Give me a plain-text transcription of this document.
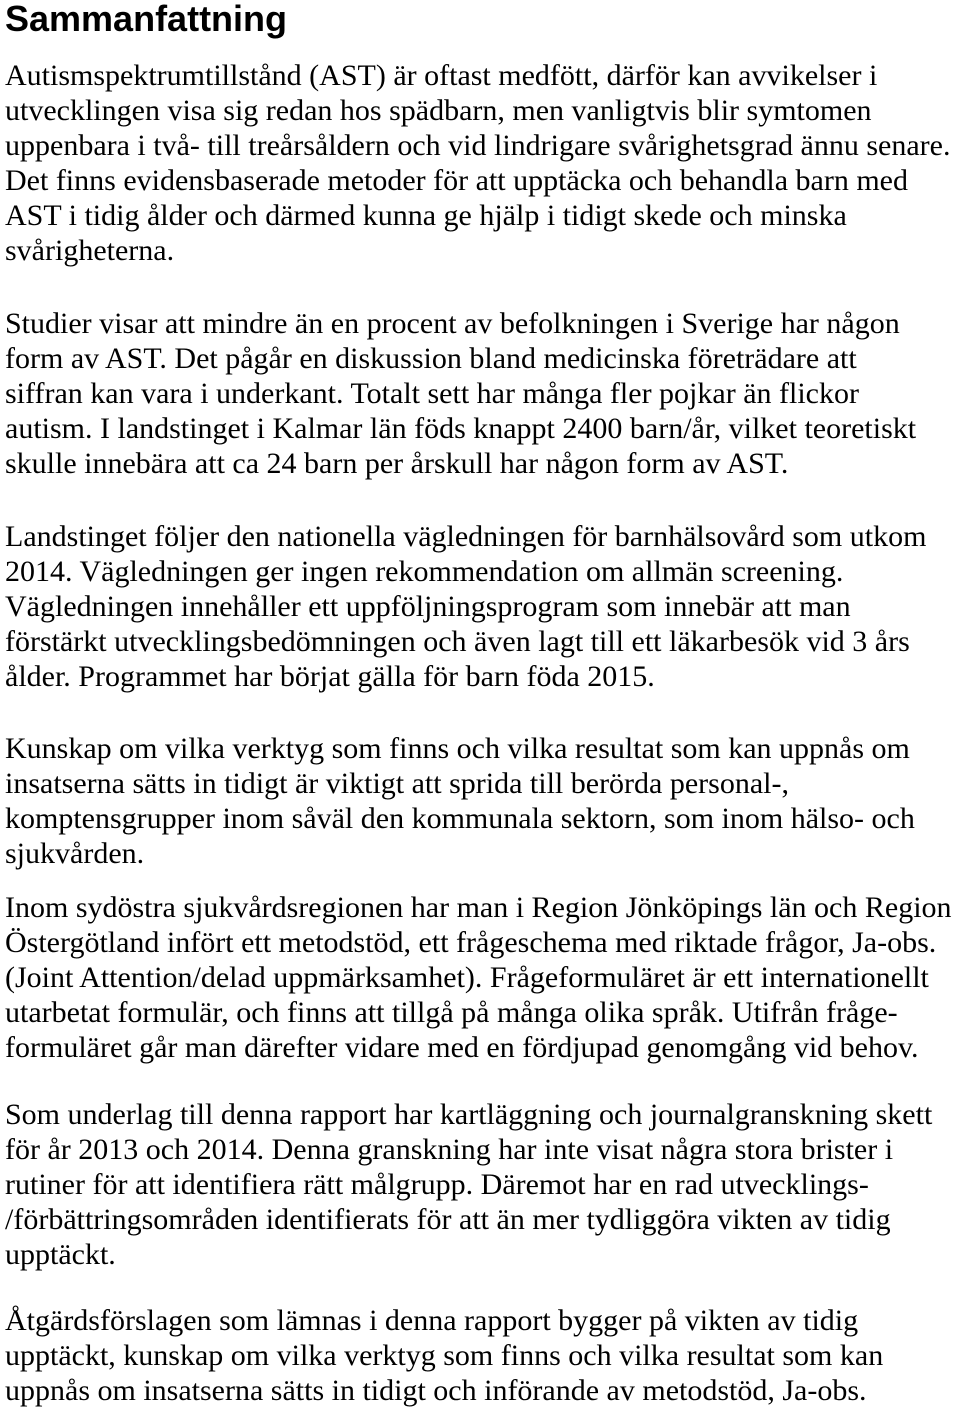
Sammanfattning
Autismspektrumtillstånd (AST) är oftast medfött, därför kan avvikelser i
utvecklingen visa sig redan hos spädbarn, men vanligtvis blir symtomen
uppenbara i två- till treårsåldern och vid lindrigare svårighetsgrad ännu senare.
Det finns evidensbaserade metoder för att upptäcka och behandla barn med
AST i tidig ålder och därmed kunna ge hjälp i tidigt skede och minska
svårigheterna.
Studier visar att mindre än en procent av befolkningen i Sverige har någon
form av AST. Det pågår en diskussion bland medicinska företrädare att
siffran kan vara i underkant. Totalt sett har många fler pojkar än flickor
autism. I landstinget i Kalmar län föds knappt 2400 barn/år, vilket teoretiskt
skulle innebära att ca 24 barn per årskull har någon form av AST.
Landstinget följer den nationella vägledningen för barnhälsovård som utkom
2014. Vägledningen ger ingen rekommendation om allmän screening.
Vägledningen innehåller ett uppföljningsprogram som innebär att man
förstärkt utvecklingsbedömningen och även lagt till ett läkarbesök vid 3 års
ålder. Programmet har börjat gälla för barn föda 2015.
Kunskap om vilka verktyg som finns och vilka resultat som kan uppnås om
insatserna sätts in tidigt är viktigt att sprida till berörda personal-,
komptensgrupper inom såväl den kommunala sektorn, som inom hälso- och
sjukvården.
Inom sydöstra sjukvårdsregionen har man i Region Jönköpings län och Region
Östergötland infört ett metodstöd, ett frågeschema med riktade frågor, Ja-obs.
(Joint Attention/delad uppmärksamhet). Frågeformuläret är ett internationellt
utarbetat formulär, och finns att tillgå på många olika språk. Utifrån fråge-
formuläret går man därefter vidare med en fördjupad genomgång vid behov.
Som underlag till denna rapport har kartläggning och journalgranskning skett
för år 2013 och 2014. Denna granskning har inte visat några stora brister i
rutiner för att identifiera rätt målgrupp. Däremot har en rad utvecklings-
/förbättringsområden identifierats för att än mer tydliggöra vikten av tidig
upptäckt.
Åtgärdsförslagen som lämnas i denna rapport bygger på vikten av tidig
upptäckt, kunskap om vilka verktyg som finns och vilka resultat som kan
uppnås om insatserna sätts in tidigt och införande av metodstöd, Ja-obs.
